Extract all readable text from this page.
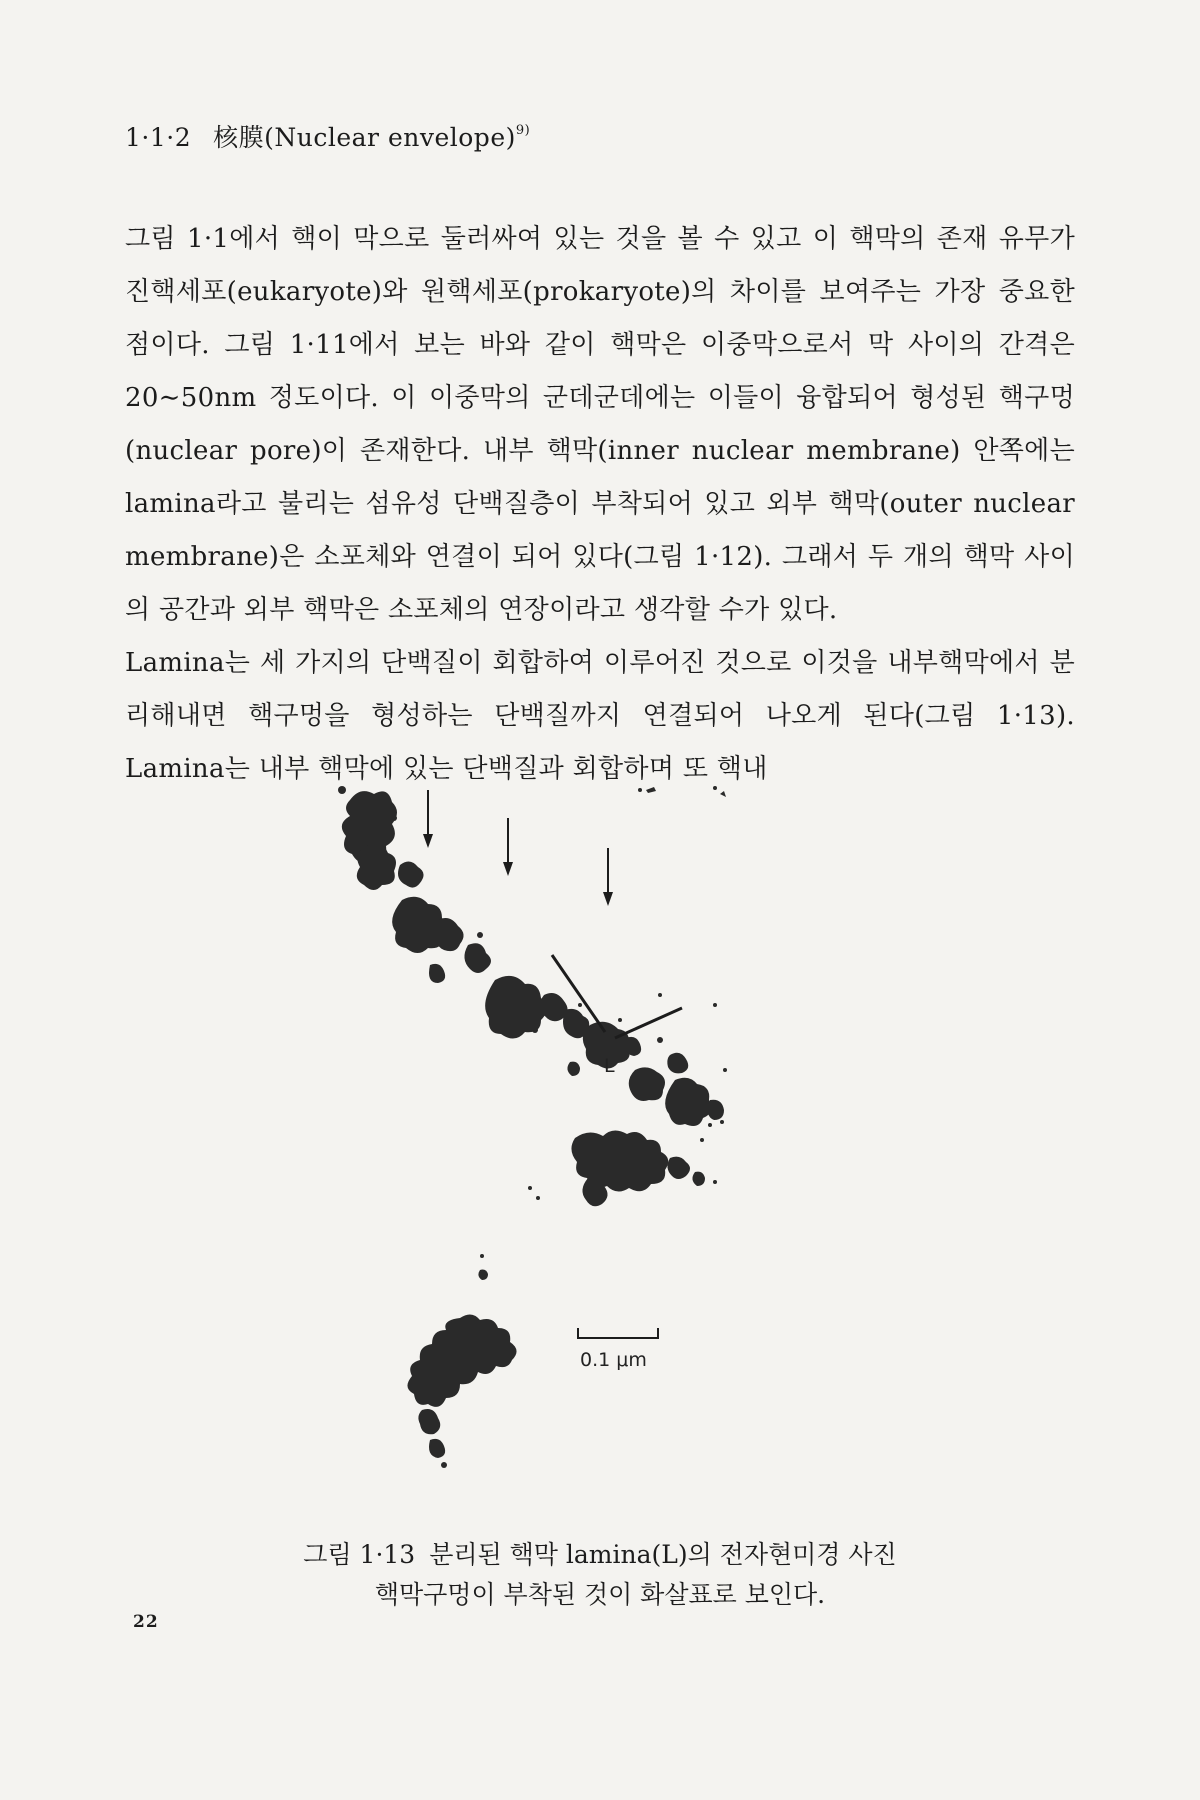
1·1·2 核膜(Nuclear envelope)$^{9)}$

그림 1·1에서 핵이 막으로 둘러싸여 있는 것을 볼 수 있고 이 핵막의 존재 유무가 진핵세포(eukaryote)와 원핵세포(prokaryote)의 차이를 보여주는 가장 중요한 점이다. 그림 1·11에서 보는 바와 같이 핵막은 이중막으로서 막 사이의 간격은 20∼50nm 정도이다. 이 이중막의 군데군데에는 이들이 융합되어 형성된 핵구멍(nuclear pore)이 존재한다. 내부 핵막(inner nuclear membrane) 안쪽에는 lamina라고 불리는 섬유성 단백질층이 부착되어 있고 외부 핵막(outer nuclear membrane)은 소포체와 연결이 되어 있다(그림 1·12). 그래서 두 개의 핵막 사이의 공간과 외부 핵막은 소포체의 연장이라고 생각할 수가 있다.

Lamina는 세 가지의 단백질이 회합하여 이루어진 것으로 이것을 내부핵막에서 분리해내면 핵구멍을 형성하는 단백질까지 연결되어 나오게 된다(그림 1·13). Lamina는 내부 핵막에 있는 단백질과 회합하며 또 핵내

L
0.1 μm
그림 1·13 분리된 핵막 lamina(L)의 전자현미경 사진
핵막구멍이 부착된 것이 화살표로 보인다.
22
